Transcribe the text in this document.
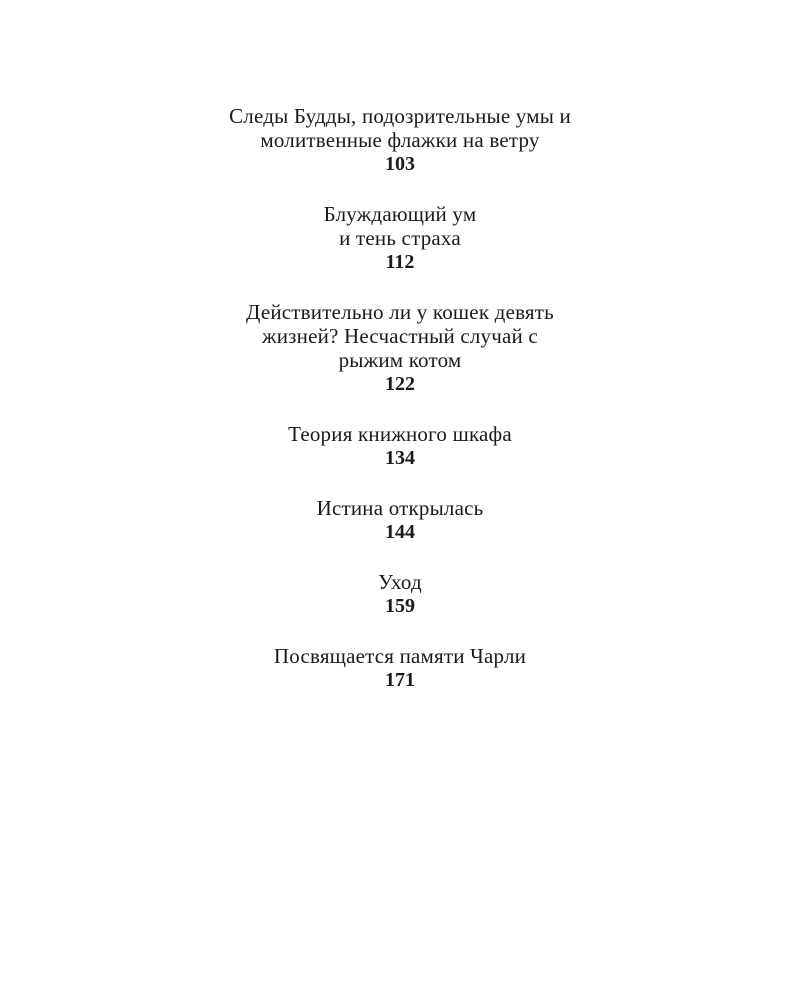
Следы Будды, подозрительные умы и
молитвенные флажки на ветру
103
Блуждающий ум
и тень страха
112
Действительно ли у кошек девять
жизней? Несчастный случай с
рыжим котом
122
Теория книжного шкафа
134
Истина открылась
144
Уход
159
Посвящается памяти Чарли
171
